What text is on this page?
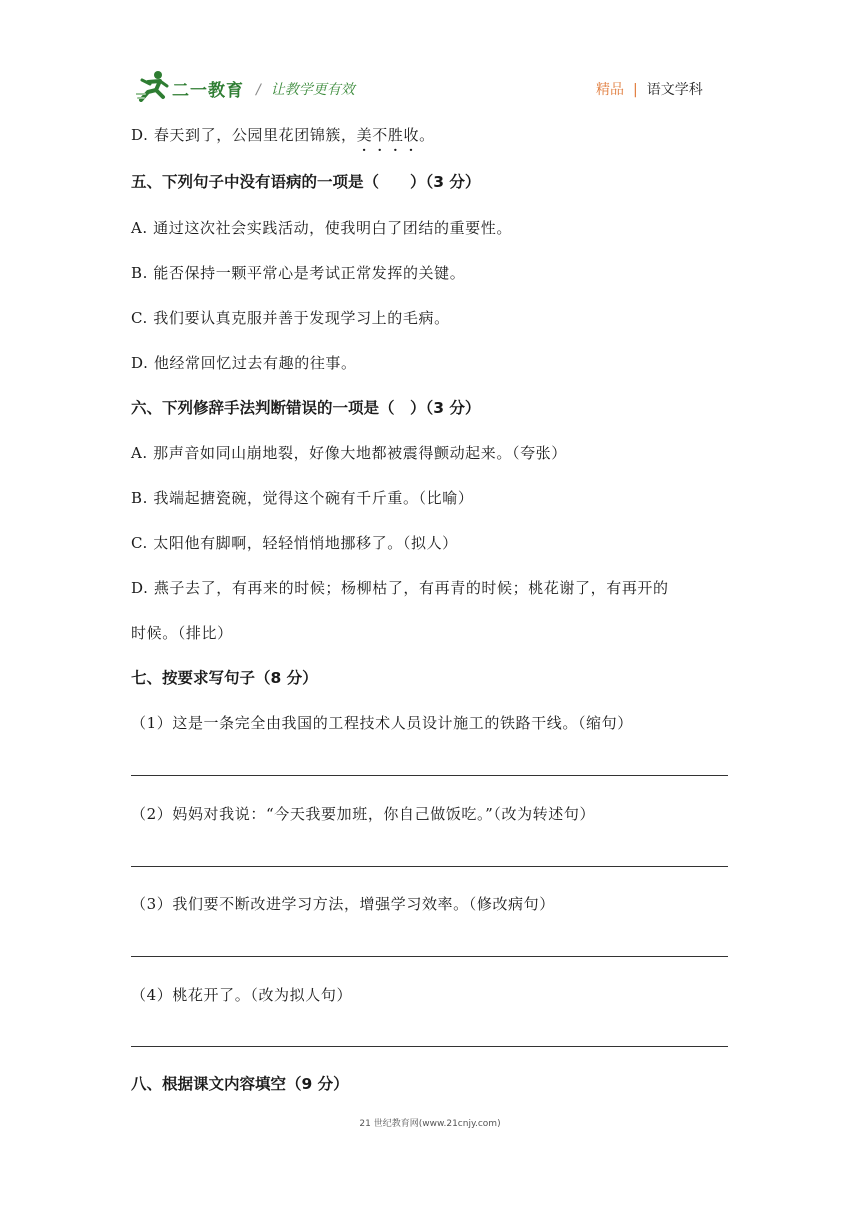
二一教育 / 让教学更有效	精品 | 语文学科
D. 春天到了，公园里花团锦簇，美不胜收。
五、下列句子中没有语病的一项是（　　）（3 分）
A. 通过这次社会实践活动，使我明白了团结的重要性。
B. 能否保持一颗平常心是考试正常发挥的关键。
C. 我们要认真克服并善于发现学习上的毛病。
D. 他经常回忆过去有趣的往事。
六、下列修辞手法判断错误的一项是（　）（3 分）
A. 那声音如同山崩地裂，好像大地都被震得颤动起来。（夸张）
B. 我端起搪瓷碗，觉得这个碗有千斤重。（比喻）
C. 太阳他有脚啊，轻轻悄悄地挪移了。（拟人）
D. 燕子去了，有再来的时候；杨柳枯了，有再青的时候；桃花谢了，有再开的
时候。（排比）
七、按要求写句子（8 分）
（1）这是一条完全由我国的工程技术人员设计施工的铁路干线。（缩句）
（2）妈妈对我说：“今天我要加班，你自己做饭吃。”（改为转述句）
（3）我们要不断改进学习方法，增强学习效率。（修改病句）
（4）桃花开了。（改为拟人句）
八、根据课文内容填空（9 分）
21 世纪教育网(www.21cnjy.com)
